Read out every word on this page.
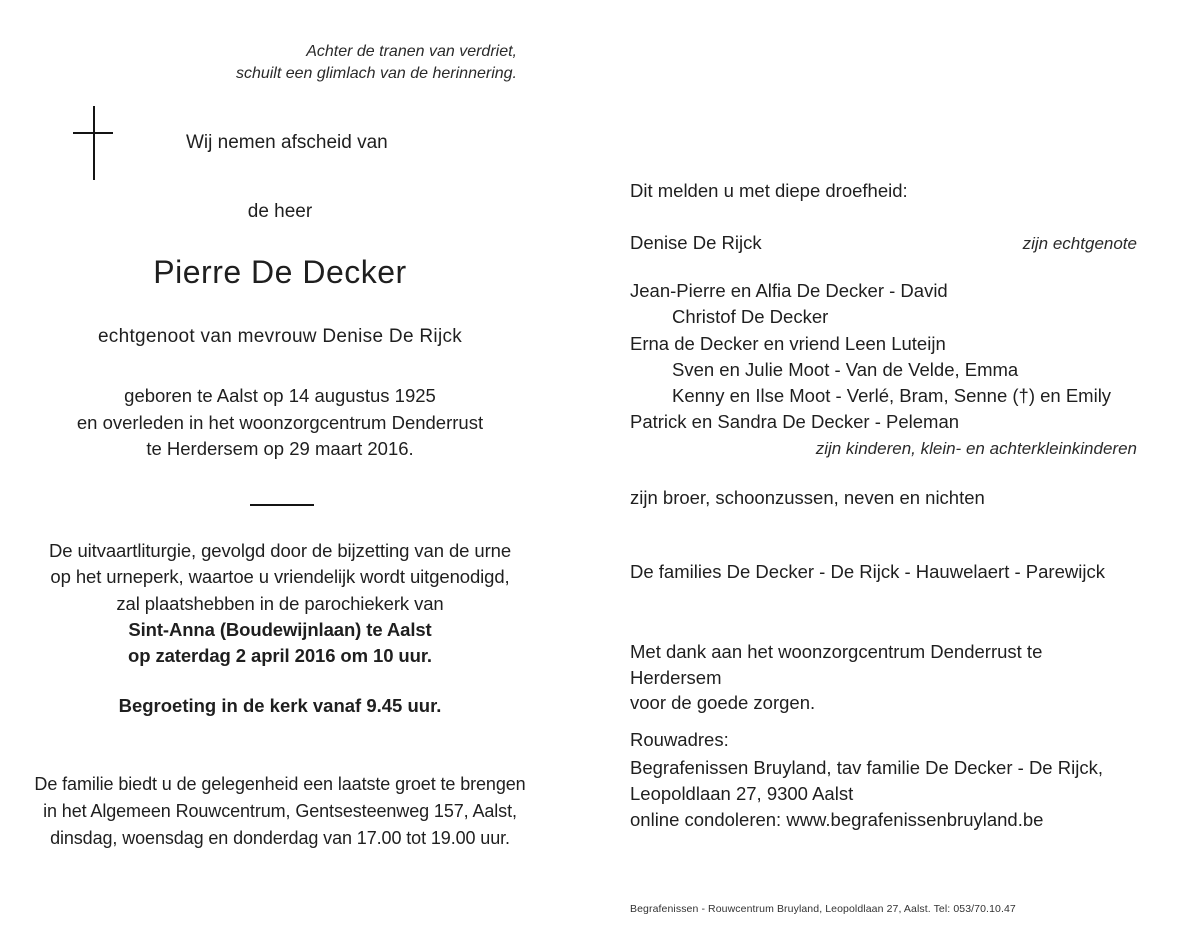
Achter de tranen van verdriet,
schuilt een glimlach van de herinnering.
Wij nemen afscheid van
de heer
Pierre De Decker
echtgenoot van mevrouw Denise De Rijck
geboren te Aalst op 14 augustus 1925
en overleden in het woonzorgcentrum Denderrust
te Herdersem op 29 maart 2016.
De uitvaartliturgie, gevolgd door de bijzetting van de urne
op het urneperk, waartoe u vriendelijk wordt uitgenodigd,
zal plaatshebben in de parochiekerk van
Sint-Anna (Boudewijnlaan) te Aalst
op zaterdag 2 april 2016 om 10 uur.
Begroeting in de kerk vanaf 9.45 uur.
De familie biedt u de gelegenheid een laatste groet te brengen
in het Algemeen Rouwcentrum, Gentsesteenweg 157, Aalst,
dinsdag, woensdag en donderdag van 17.00 tot 19.00 uur.
Dit melden u met diepe droefheid:
Denise De Rijck	zijn echtgenote
Jean-Pierre en Alfia De Decker - David
Christof De Decker
Erna de Decker en vriend Leen Luteijn
Sven en Julie Moot - Van de Velde, Emma
Kenny en Ilse Moot - Verlé, Bram, Senne (†) en Emily
Patrick en Sandra De Decker - Peleman
zijn kinderen, klein- en achterkleinkinderen
zijn broer, schoonzussen, neven en nichten
De families De Decker - De Rijck - Hauwelaert - Parewijck
Met dank aan het woonzorgcentrum Denderrust te Herdersem
voor de goede zorgen.
Rouwadres:
Begrafenissen Bruyland, tav familie De Decker - De Rijck,
Leopoldlaan 27, 9300 Aalst
online condoleren: www.begrafenissenbruyland.be
Begrafenissen - Rouwcentrum Bruyland, Leopoldlaan 27, Aalst. Tel: 053/70.10.47
